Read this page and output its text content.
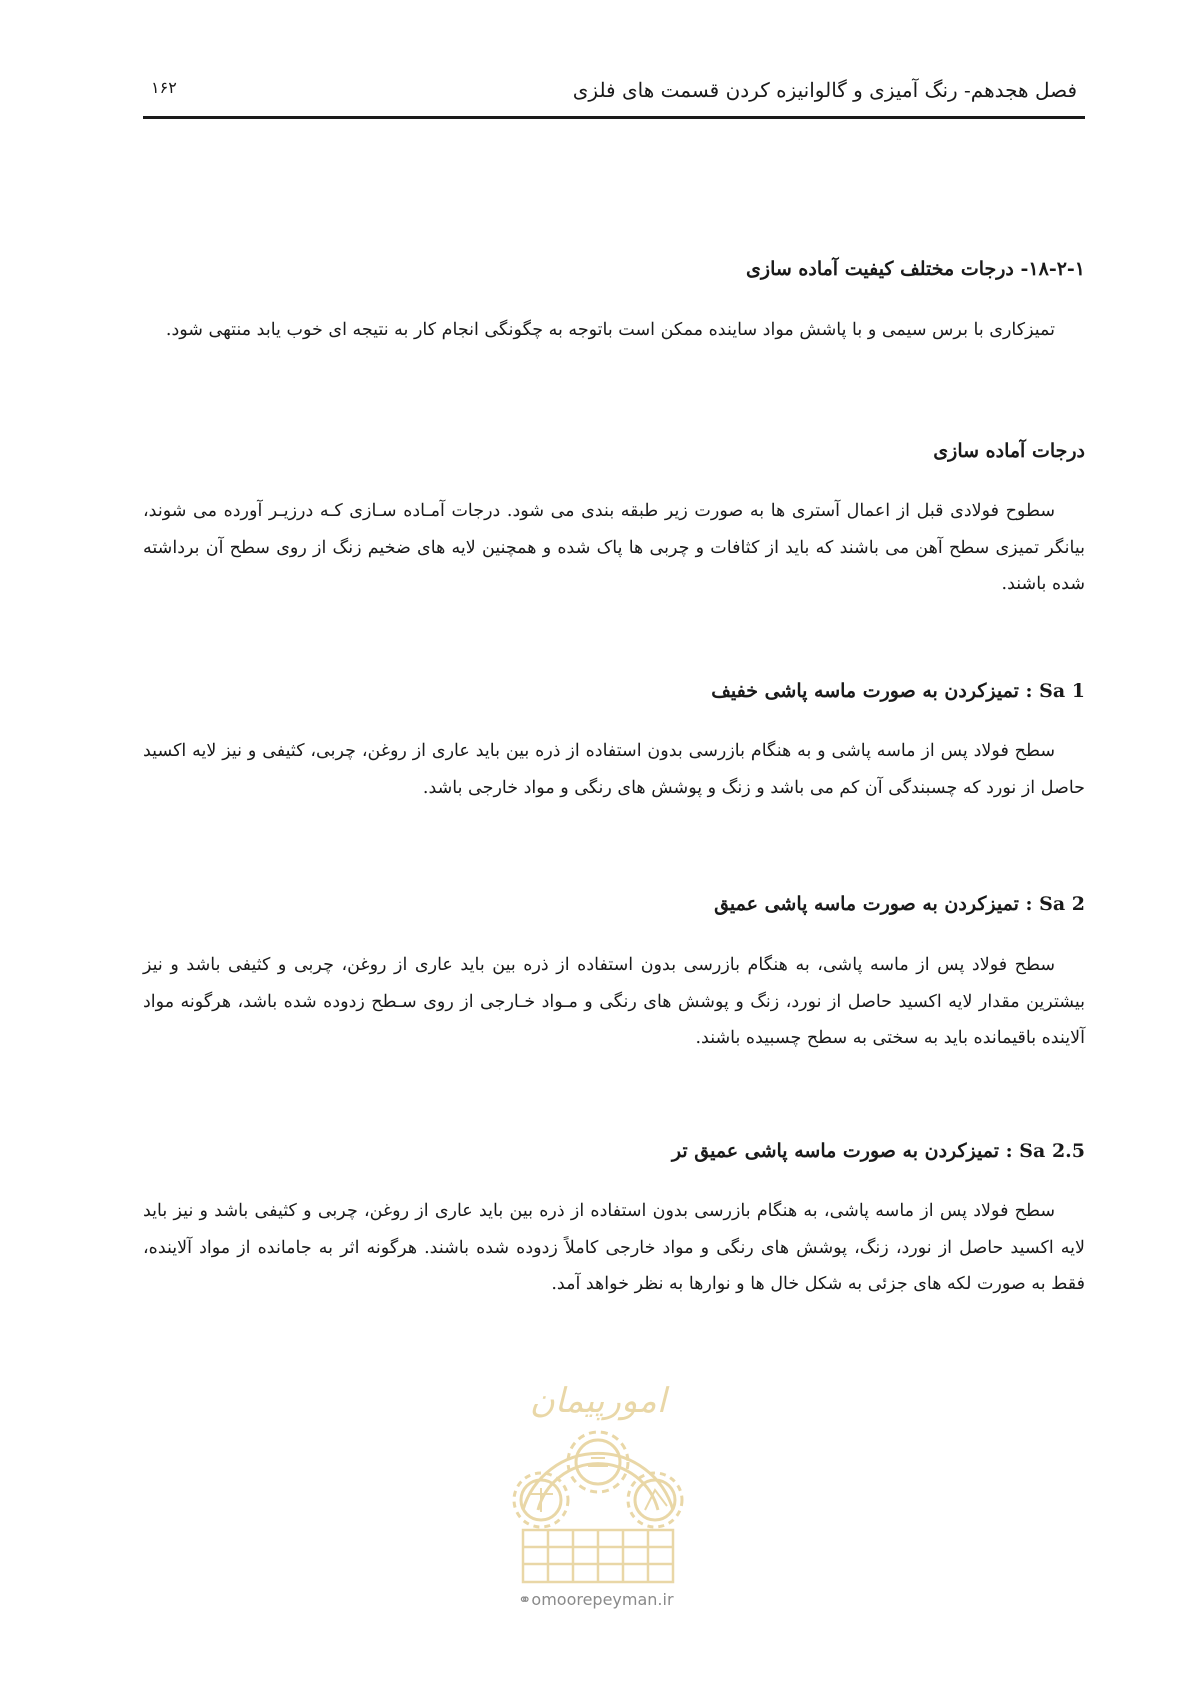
فصل هجدهم- رنگ آمیزی و گالوانیزه کردن قسمت های فلزی
۱۶۲
۱۸-۲-۱- درجات مختلف کیفیت آماده سازی

تمیزکاری با برس سیمی و با پاشش مواد ساینده ممکن است باتوجه به چگونگی انجام کار به نتیجه ای خوب یابد منتهی شود.

درجات آماده سازی

سطوح فولادی قبل از اعمال آستری ها به صورت زیر طبقه بندی می شود. درجات آمـاده سـازی کـه درزیـر آورده می شوند، بیانگر تمیزی سطح آهن می باشند که باید از کثافات و چربی ها پاک شده و همچنین لایه های ضخیم زنگ از روی سطح آن برداشته شده باشند.

Sa 1 : تمیزکردن به صورت ماسه پاشی خفیف

سطح فولاد پس از ماسه پاشی و به هنگام بازرسی بدون استفاده از ذره بین باید عاری از روغن، چربی، کثیفی و نیز لایه اکسید حاصل از نورد که چسبندگی آن کم می باشد و زنگ و پوشش های رنگی و مواد خارجی باشد.

Sa 2 : تمیزکردن به صورت ماسه پاشی عمیق

سطح فولاد پس از ماسه پاشی، به هنگام بازرسی بدون استفاده از ذره بین باید عاری از روغن، چربی و کثیفی باشد و نیز بیشترین مقدار لایه اکسید حاصل از نورد، زنگ و پوشش های رنگی و مـواد خـارجی از روی سـطح زدوده شده باشد، هرگونه مواد آلاینده باقیمانده باید به سختی به سطح چسبیده باشند.

Sa 2.5 : تمیزکردن به صورت ماسه پاشی عمیق تر

سطح فولاد پس از ماسه پاشی، به هنگام بازرسی بدون استفاده از ذره بین باید عاری از روغن، چربی و کثیفی باشد و نیز باید لایه اکسید حاصل از نورد، زنگ، پوشش های رنگی و مواد خارجی کاملاً زدوده شده باشند. هرگونه اثر به جامانده از مواد آلاینده، فقط به صورت لکه های جزئی به شکل خال ها و نوارها به نظر خواهد آمد.

امورپیمان
⚭omoorepeyman.ir
